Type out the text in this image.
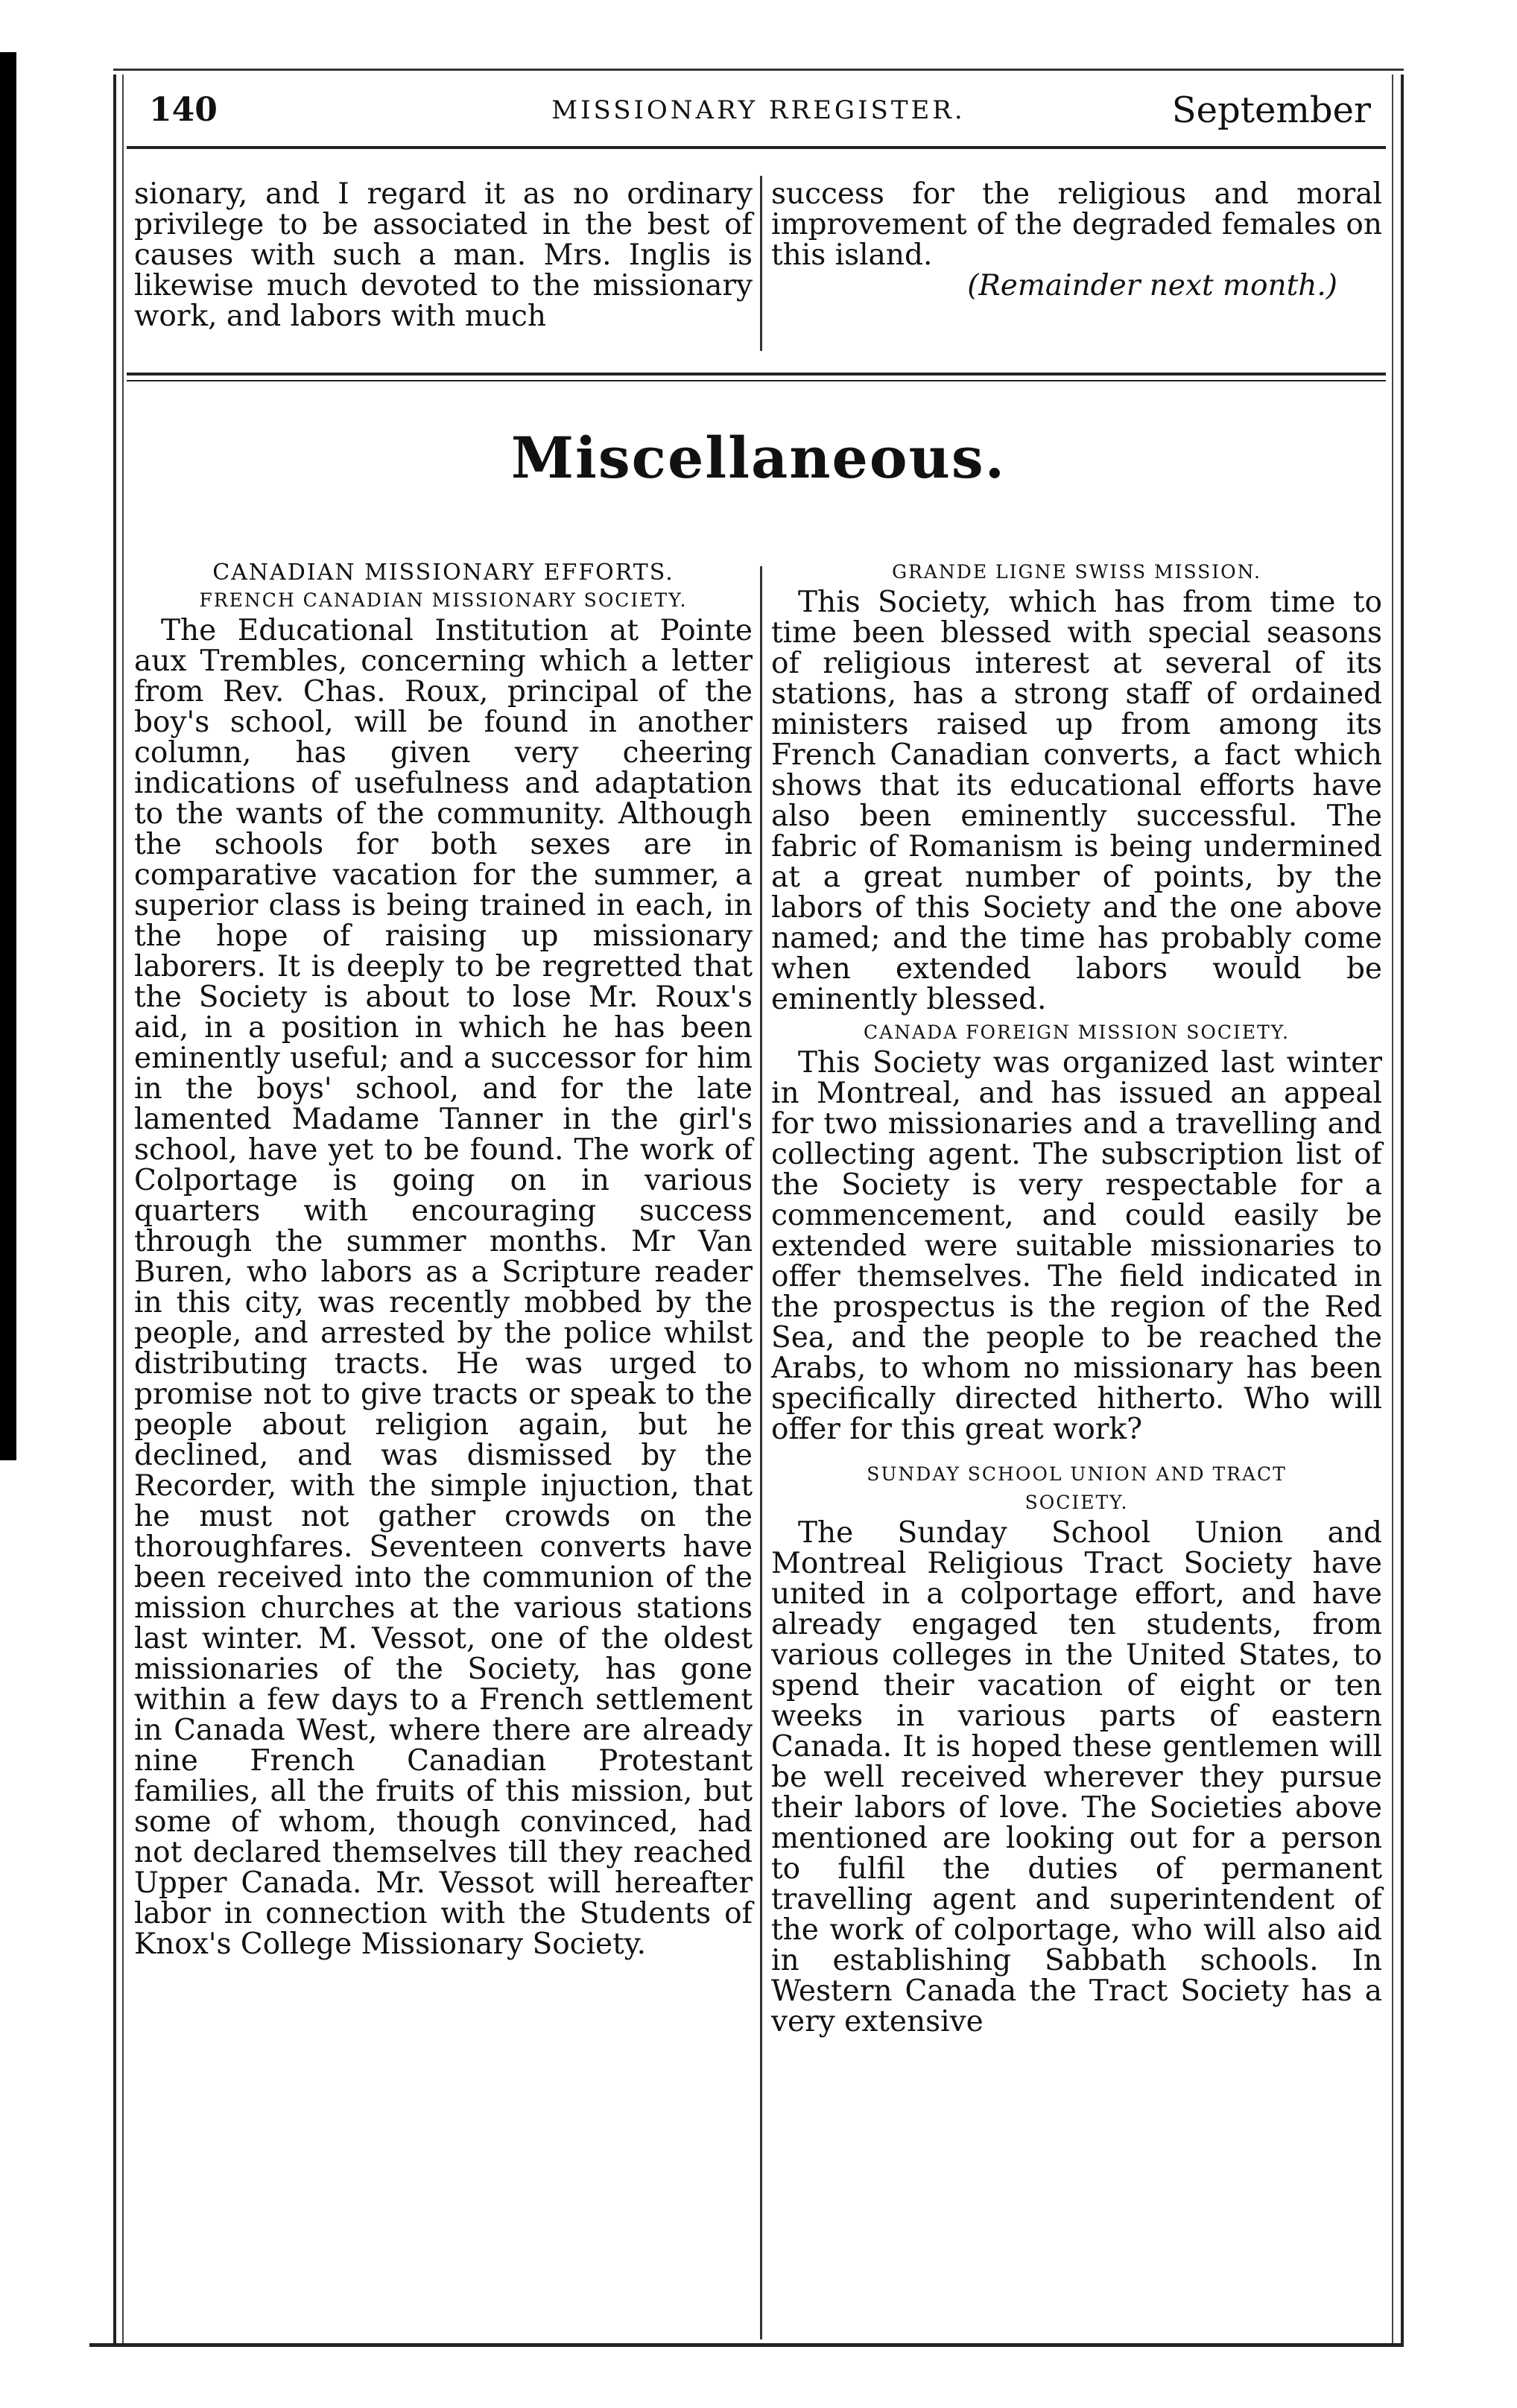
140	MISSIONARY RREGISTER.	September

sionary, and I regard it as no ordinary privilege to be associated in the best of causes with such a man. Mrs. Inglis is likewise much devoted to the missionary work, and labors with much

success for the religious and moral improvement of the degraded females on this island.

(Remainder next month.)

Miscellaneous.
CANADIAN MISSIONARY EFFORTS.
FRENCH CANADIAN MISSIONARY SOCIETY.

The Educational Institution at Pointe aux Trembles, concerning which a letter from Rev. Chas. Roux, principal of the boy's school, will be found in another column, has given very cheering indications of usefulness and adaptation to the wants of the community. Although the schools for both sexes are in comparative vacation for the summer, a superior class is being trained in each, in the hope of raising up missionary laborers. It is deeply to be regretted that the Society is about to lose Mr. Roux's aid, in a position in which he has been eminently useful; and a successor for him in the boys' school, and for the late lamented Madame Tanner in the girl's school, have yet to be found. The work of Colportage is going on in various quarters with encouraging success through the summer months. Mr Van Buren, who labors as a Scripture reader in this city, was recently mobbed by the people, and arrested by the police whilst distributing tracts. He was urged to promise not to give tracts or speak to the people about religion again, but he declined, and was dismissed by the Recorder, with the simple injuction, that he must not gather crowds on the thoroughfares. Seventeen converts have been received into the communion of the mission churches at the various stations last winter. M. Vessot, one of the oldest missionaries of the Society, has gone within a few days to a French settlement in Canada West, where there are already nine French Canadian Protestant families, all the fruits of this mission, but some of whom, though convinced, had not declared themselves till they reached Upper Canada. Mr. Vessot will hereafter labor in connection with the Students of Knox's College Missionary Society.

GRANDE LIGNE SWISS MISSION.

This Society, which has from time to time been blessed with special seasons of religious interest at several of its stations, has a strong staff of ordained ministers raised up from among its French Canadian converts, a fact which shows that its educational efforts have also been eminently successful. The fabric of Romanism is being undermined at a great number of points, by the labors of this Society and the one above named; and the time has probably come when extended labors would be eminently blessed.

CANADA FOREIGN MISSION SOCIETY.

This Society was organized last winter in Montreal, and has issued an appeal for two missionaries and a travelling and collecting agent. The subscription list of the Society is very respectable for a commencement, and could easily be extended were suitable missionaries to offer themselves. The field indicated in the prospectus is the region of the Red Sea, and the people to be reached the Arabs, to whom no missionary has been specifically directed hitherto. Who will offer for this great work?

SUNDAY SCHOOL UNION AND TRACT
SOCIETY.

The Sunday School Union and Montreal Religious Tract Society have united in a colportage effort, and have already engaged ten students, from various colleges in the United States, to spend their vacation of eight or ten weeks in various parts of eastern Canada. It is hoped these gentlemen will be well received wherever they pursue their labors of love. The Societies above mentioned are looking out for a person to fulfil the duties of permanent travelling agent and superintendent of the work of colportage, who will also aid in establishing Sabbath schools. In Western Canada the Tract Society has a very extensive
